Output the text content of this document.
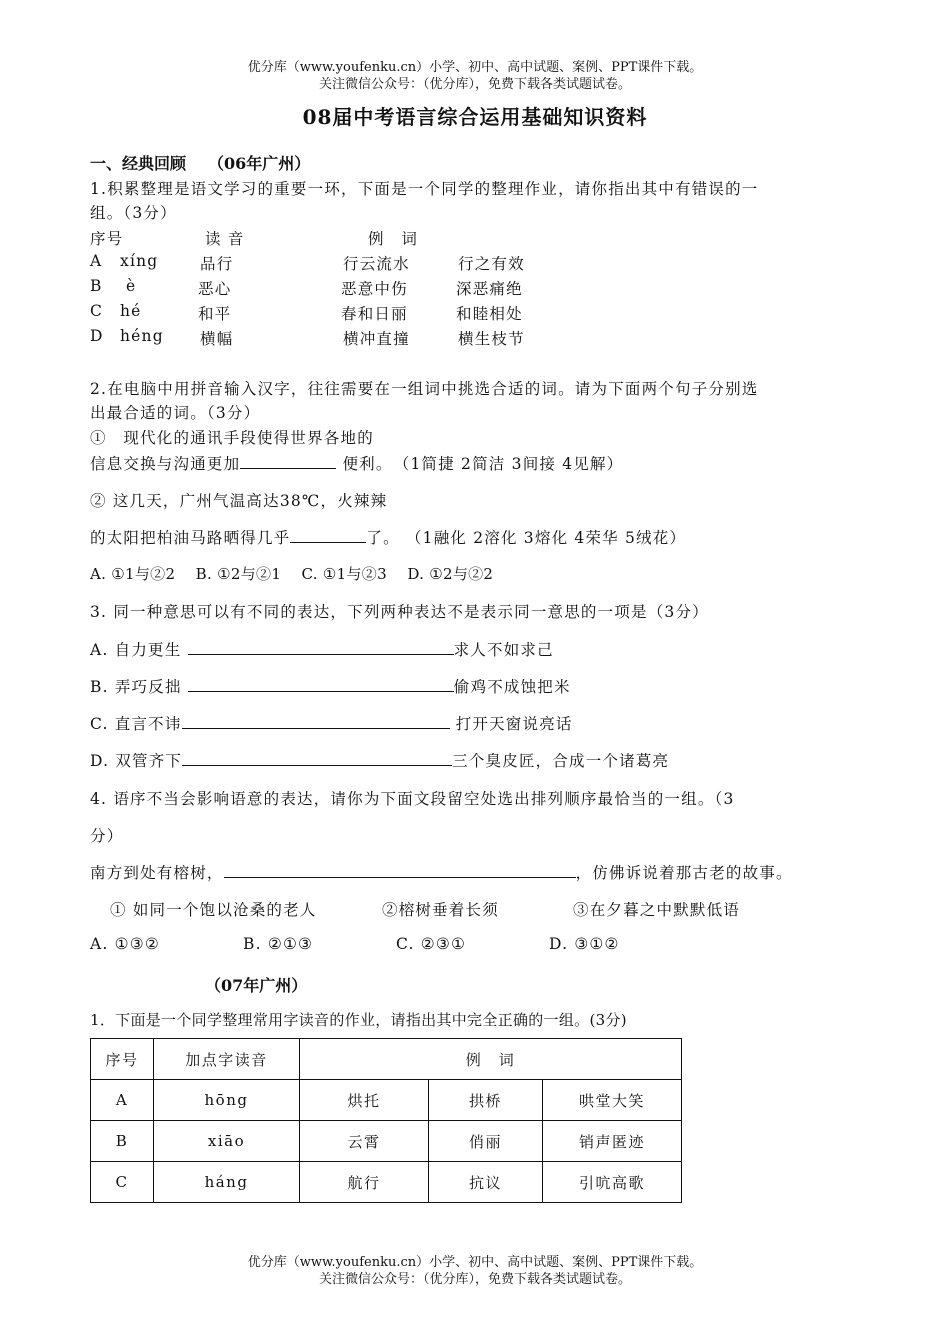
优分库（www.youfenku.cn）小学、初中、高中试题、案例、PPT课件下载。
关注微信公众号：（优分库），免费下载各类试题试卷。
08届中考语言综合运用基础知识资料
一、经典回顾 （06年广州）
1.积累整理是语文学习的重要一环，下面是一个同学的整理作业，请你指出其中有错误的一
组。（3分）
序号	读 音	例　词
A xíng	品行	行云流水	行之有效
B è	恶心	恶意中伤	深恶痛绝
C hé	和平	春和日丽	和睦相处
D héng 横幅	横冲直撞	横生枝节
2.在电脑中用拼音输入汉字，往往需要在一组词中挑选合适的词。请为下面两个句子分别选
出最合适的词。（3分）
①　现代化的通讯手段使得世界各地的
信息交换与沟通更加	便利。　（1简捷 2简洁 3间接 4见解）
② 这几天，广州气温高达38℃，火辣辣
的太阳把柏油马路晒得几乎	了。 （1融化 2溶化 3熔化 4荣华 5绒花）
A. ①1与②2　 B. ①2与②1　 C. ①1与②3　 D. ①2与②2
3. 同一种意思可以有不同的表达，下列两种表达不是表示同一意思的一项是（3分）
A. 自力更生	求人不如求己
B. 弄巧反拙	偷鸡不成蚀把米
C. 直言不讳	打开天窗说亮话
D. 双管齐下	三个臭皮匠，合成一个诸葛亮
4. 语序不当会影响语意的表达，请你为下面文段留空处选出排列顺序最恰当的一组。（3
分）
南方到处有榕树，	，仿佛诉说着那古老的故事。
① 如同一个饱以沧桑的老人	②榕树垂着长须	③在夕暮之中默默低语
A. ①③②	B. ②①③	C. ②③①	D. ③①②
（07年广州）
1．下面是一个同学整理常用字读音的作业，请指出其中完全正确的一组。(3分)
序号	加点字读音	例　词		
A	hōng	烘托	拱桥	哄堂大笑
B	xiāo	云霄	俏丽	销声匿迹
C	háng	航行	抗议	引吭高歌
优分库（www.youfenku.cn）小学、初中、高中试题、案例、PPT课件下载。
关注微信公众号：（优分库），免费下载各类试题试卷。
